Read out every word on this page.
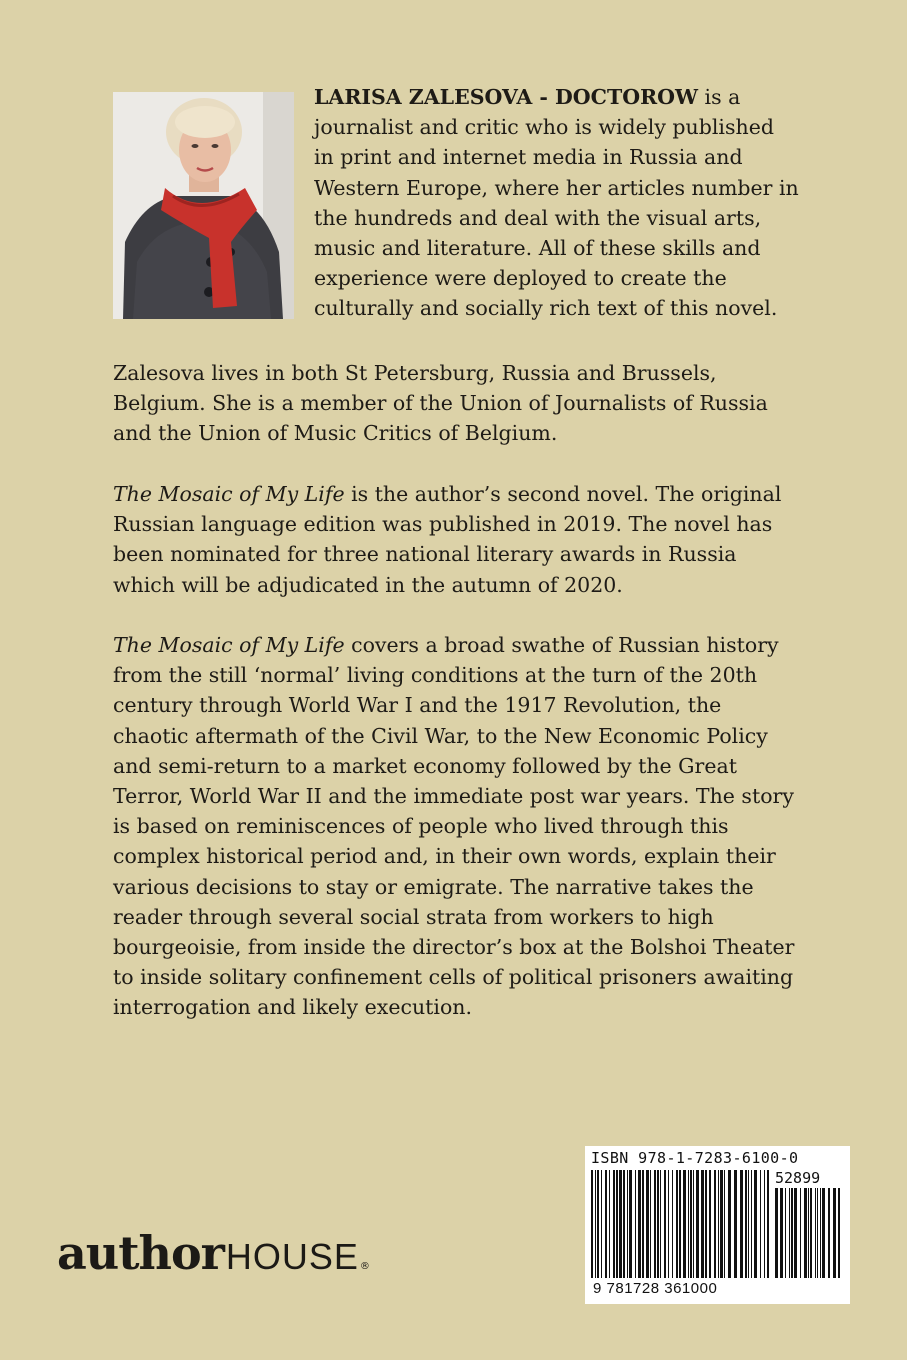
LARISA ZALESOVA - DOCTOROW is a journalist and critic who is widely published in print and internet media in Russia and Western Europe, where her articles number in the hundreds and deal with the visual arts, music and literature. All of these skills and experience were deployed to create the culturally and socially rich text of this novel.

Zalesova lives in both St Petersburg, Russia and Brussels, Belgium. She is a member of the Union of Journalists of Russia and the Union of Music Critics of Belgium.

The Mosaic of My Life is the author’s second novel. The original Russian language edition was published in 2019. The novel has been nominated for three national literary awards in Russia which will be adjudicated in the autumn of 2020.

The Mosaic of My Life covers a broad swathe of Russian history from the still ‘normal’ living conditions at the turn of the 20th century through World War I and the 1917 Revolution, the chaotic aftermath of the Civil War, to the New Economic Policy and semi-return to a market economy followed by the Great Terror, World War II and the immediate post war years. The story is based on reminiscences of people who lived through this complex historical period and, in their own words, explain their various decisions to stay or emigrate. The narrative takes the reader through several social strata from workers to high bourgeoisie, from inside the director’s box at the Bolshoi Theater to inside solitary confinement cells of political prisoners awaiting interrogation and likely execution.

author HOUSE ®
ISBN 978-1-7283-6100-0
52899
9 781728 361000
